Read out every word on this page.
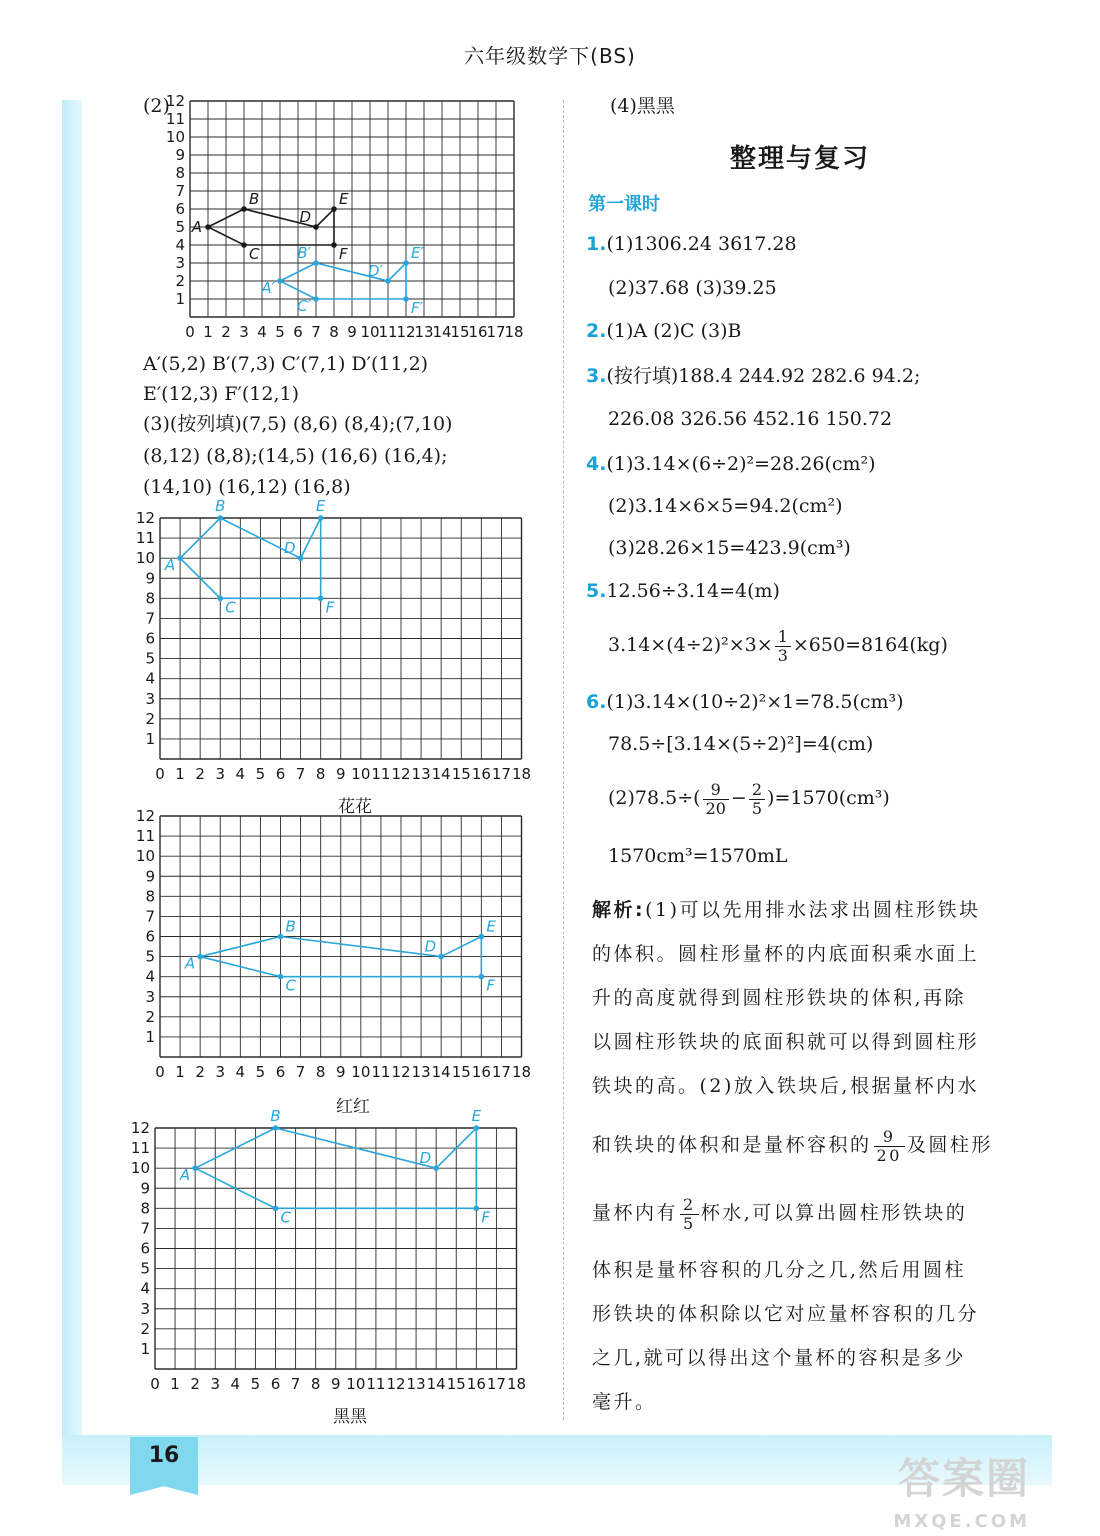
16
六年级数学下(BS)
(2)
0 1 2 3 4 5 6 7 8 9 10
11
12
13
14
15
16
17
18
1
2
3
4
5
6
7
8
9
10
11
12
A
B
D
E
F
C
A′
B′
D′
E′
F′
C′
A′(5,2) B′(7,3) C′(7,1) D′(11,2)
E′(12,3) F′(12,1)
(3)(按列填)(7,5) (8,6) (8,4);(7,10)
(8,12) (8,8);(14,5) (16,6) (16,4);
(14,10) (16,12) (16,8)
0 1 2 3 4 5 6 7 8 9 10 11 12 13 14 15 16 17 18
1
2
3
4
5
6
7
8
9
10
11
12
A
B
D
E
F
C
花花
0 1 2 3 4 5 6 7 8 9 10 11 12 13 14 15 16 17 18
1
2
3
4
5
6
7
8
9
10
11
12
A
B
D
E
F
C
红红
0 1 2 3 4 5 6 7 8 9 10 11 12 13 14 15 16 17 18
1
2
3
4
5
6
7
8
9
10
11
12
A
B
D
E
F
C
黑黑
(4)黑黑
整理与复习
第一课时
1.(1)1306.24 3617.28
(2)37.68 (3)39.25
2.(1)A (2)C (3)B
3.(按行填)188.4 244.92 282.6 94.2;
226.08 326.56 452.16 150.72
4.(1)3.14×(6÷2)²=28.26(cm²)
(2)3.14×6×5=94.2(cm²)
(3)28.26×15=423.9(cm³)
5.12.56÷3.14=4(m)
$3.14\times(4\div 2)^2\times 3\times \frac{1}{3} \times 650=8164(kg)$
6.(1)3.14×(10÷2)²×1=78.5(cm³)
78.5÷[3.14×(5÷2)²]=4(cm)
$(2)78.5\div( \frac{9}{20} - \frac{2}{5} )=1570(cm^3)$
1570cm³=1570mL
解析:(1)可以先用排水法求出圆柱形铁块
的体积。圆柱形量杯的内底面积乘水面上
升的高度就得到圆柱形铁块的体积,再除
以圆柱形铁块的底面积就可以得到圆柱形
铁块的高。(2)放入铁块后,根据量杯内水
和铁块的体积和是量杯容积的 $\frac{9}{20}$ 及圆柱形
量杯内有 $\frac{2}{5}$ 杯水,可以算出圆柱形铁块的
体积是量杯容积的几分之几,然后用圆柱
形铁块的体积除以它对应量杯容积的几分
之几,就可以得出这个量杯的容积是多少
毫升。
答案圈
MXQE.COM
